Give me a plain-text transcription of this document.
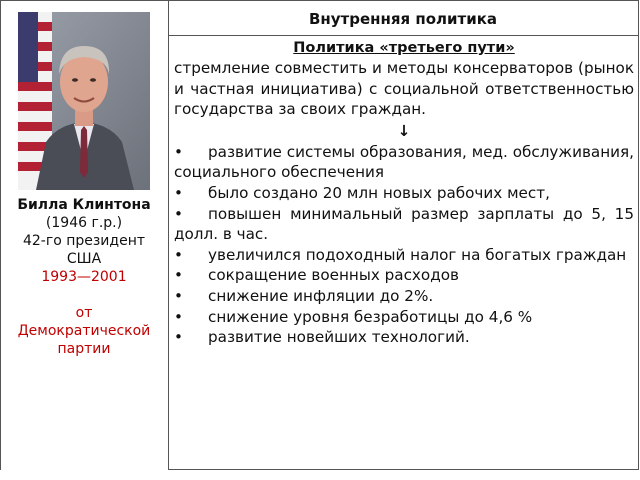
Билла Клинтона
(1946 г.р.)
42-го президент
США
1993—2001
от
Демократической
партии
Внутренняя политика
Политика «третьего пути»
стремление совместить и методы консерваторов (рынок и частная инициатива) с социальной ответственностью государства за своих граждан.
↓
• развитие системы образования, мед. обслуживания, социального обеспечения
• было создано 20 млн новых рабочих мест,
• повышен минимальный размер зарплаты до 5, 15 долл. в час.
• увеличился подоходный налог на богатых граждан
• сокращение военных расходов
• снижение инфляции до 2%.
• снижение уровня безработицы до 4,6 %
• развитие новейших технологий.
